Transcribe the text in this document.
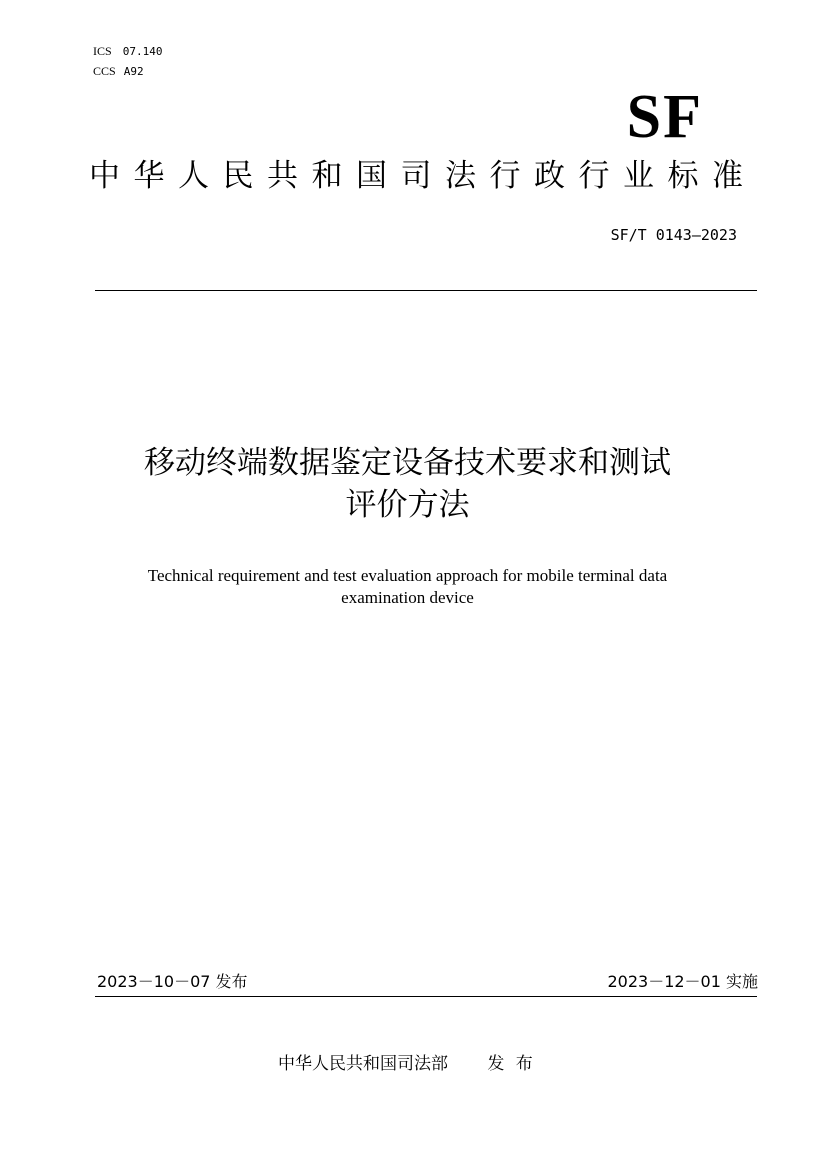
ICS 07.140
CCS A92
SF
中华人民共和国司法行政行业标准
SF/T 0143—2023
移动终端数据鉴定设备技术要求和测试
评价方法
Technical requirement and test evaluation approach for mobile terminal data
examination device
2023－10－07 发布	2023－12－01 实施
中华人民共和国司法部 发 布
